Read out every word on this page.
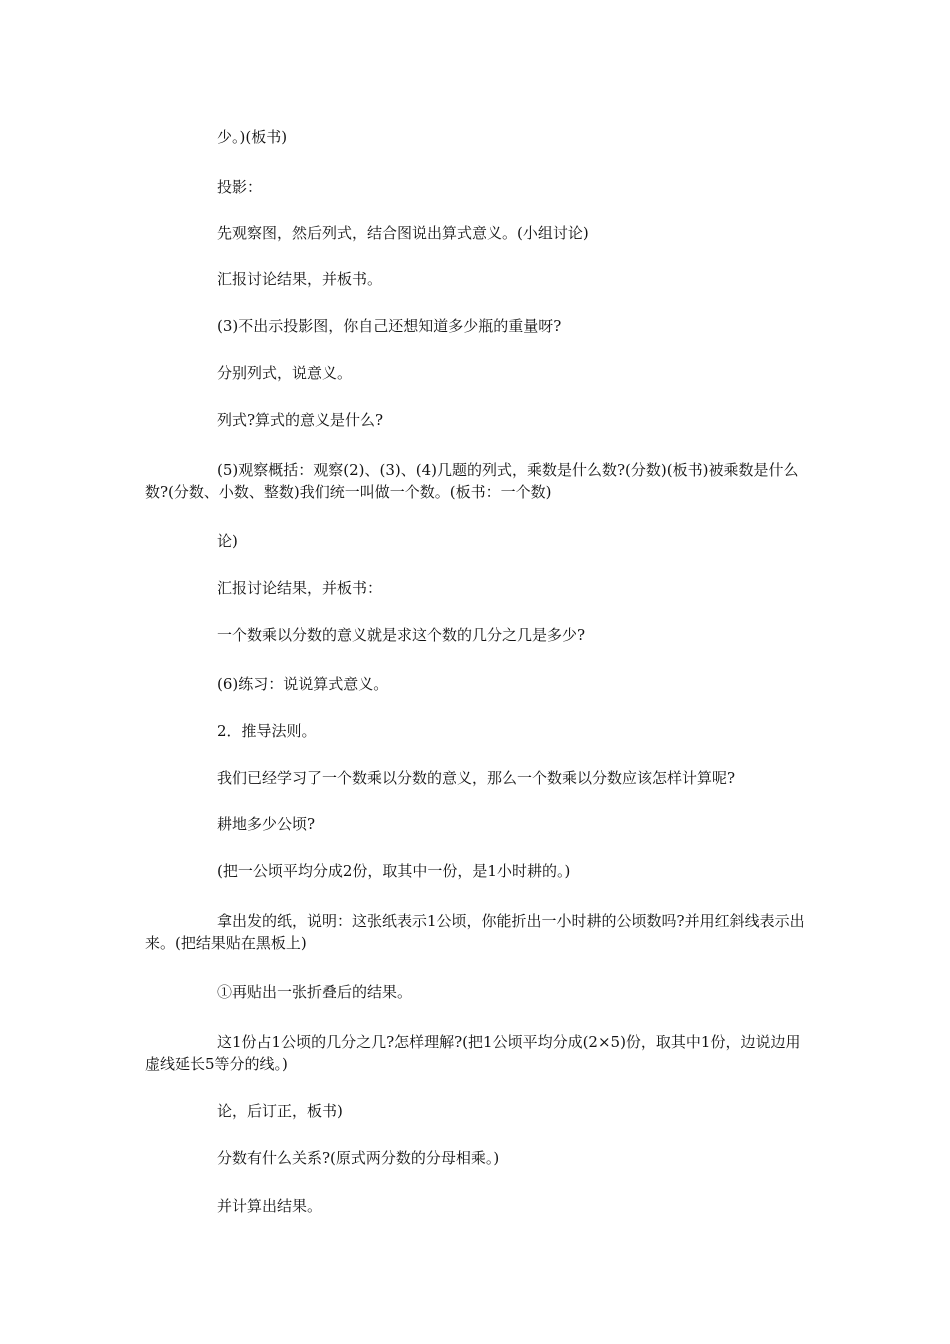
少。)(板书)

投影：

先观察图，然后列式，结合图说出算式意义。(小组讨论)

汇报讨论结果，并板书。

(3)不出示投影图，你自己还想知道多少瓶的重量呀?

分别列式，说意义。

列式?算式的意义是什么?

(5)观察概括：观察(2)、(3)、(4)几题的列式，乘数是什么数?(分数)(板书)被乘数是什么数?(分数、小数、整数)我们统一叫做一个数。(板书：一个数)

论)

汇报讨论结果，并板书：

一个数乘以分数的意义就是求这个数的几分之几是多少?

(6)练习：说说算式意义。

2．推导法则。

我们已经学习了一个数乘以分数的意义，那么一个数乘以分数应该怎样计算呢?

耕地多少公顷?

(把一公顷平均分成2份，取其中一份，是1小时耕的。)

拿出发的纸，说明：这张纸表示1公顷，你能折出一小时耕的公顷数吗?并用红斜线表示出来。(把结果贴在黑板上)

①再贴出一张折叠后的结果。

这1份占1公顷的几分之几?怎样理解?(把1公顷平均分成(2×5)份，取其中1份，边说边用虚线延长5等分的线。)

论，后订正，板书)

分数有什么关系?(原式两分数的分母相乘。)

并计算出结果。
